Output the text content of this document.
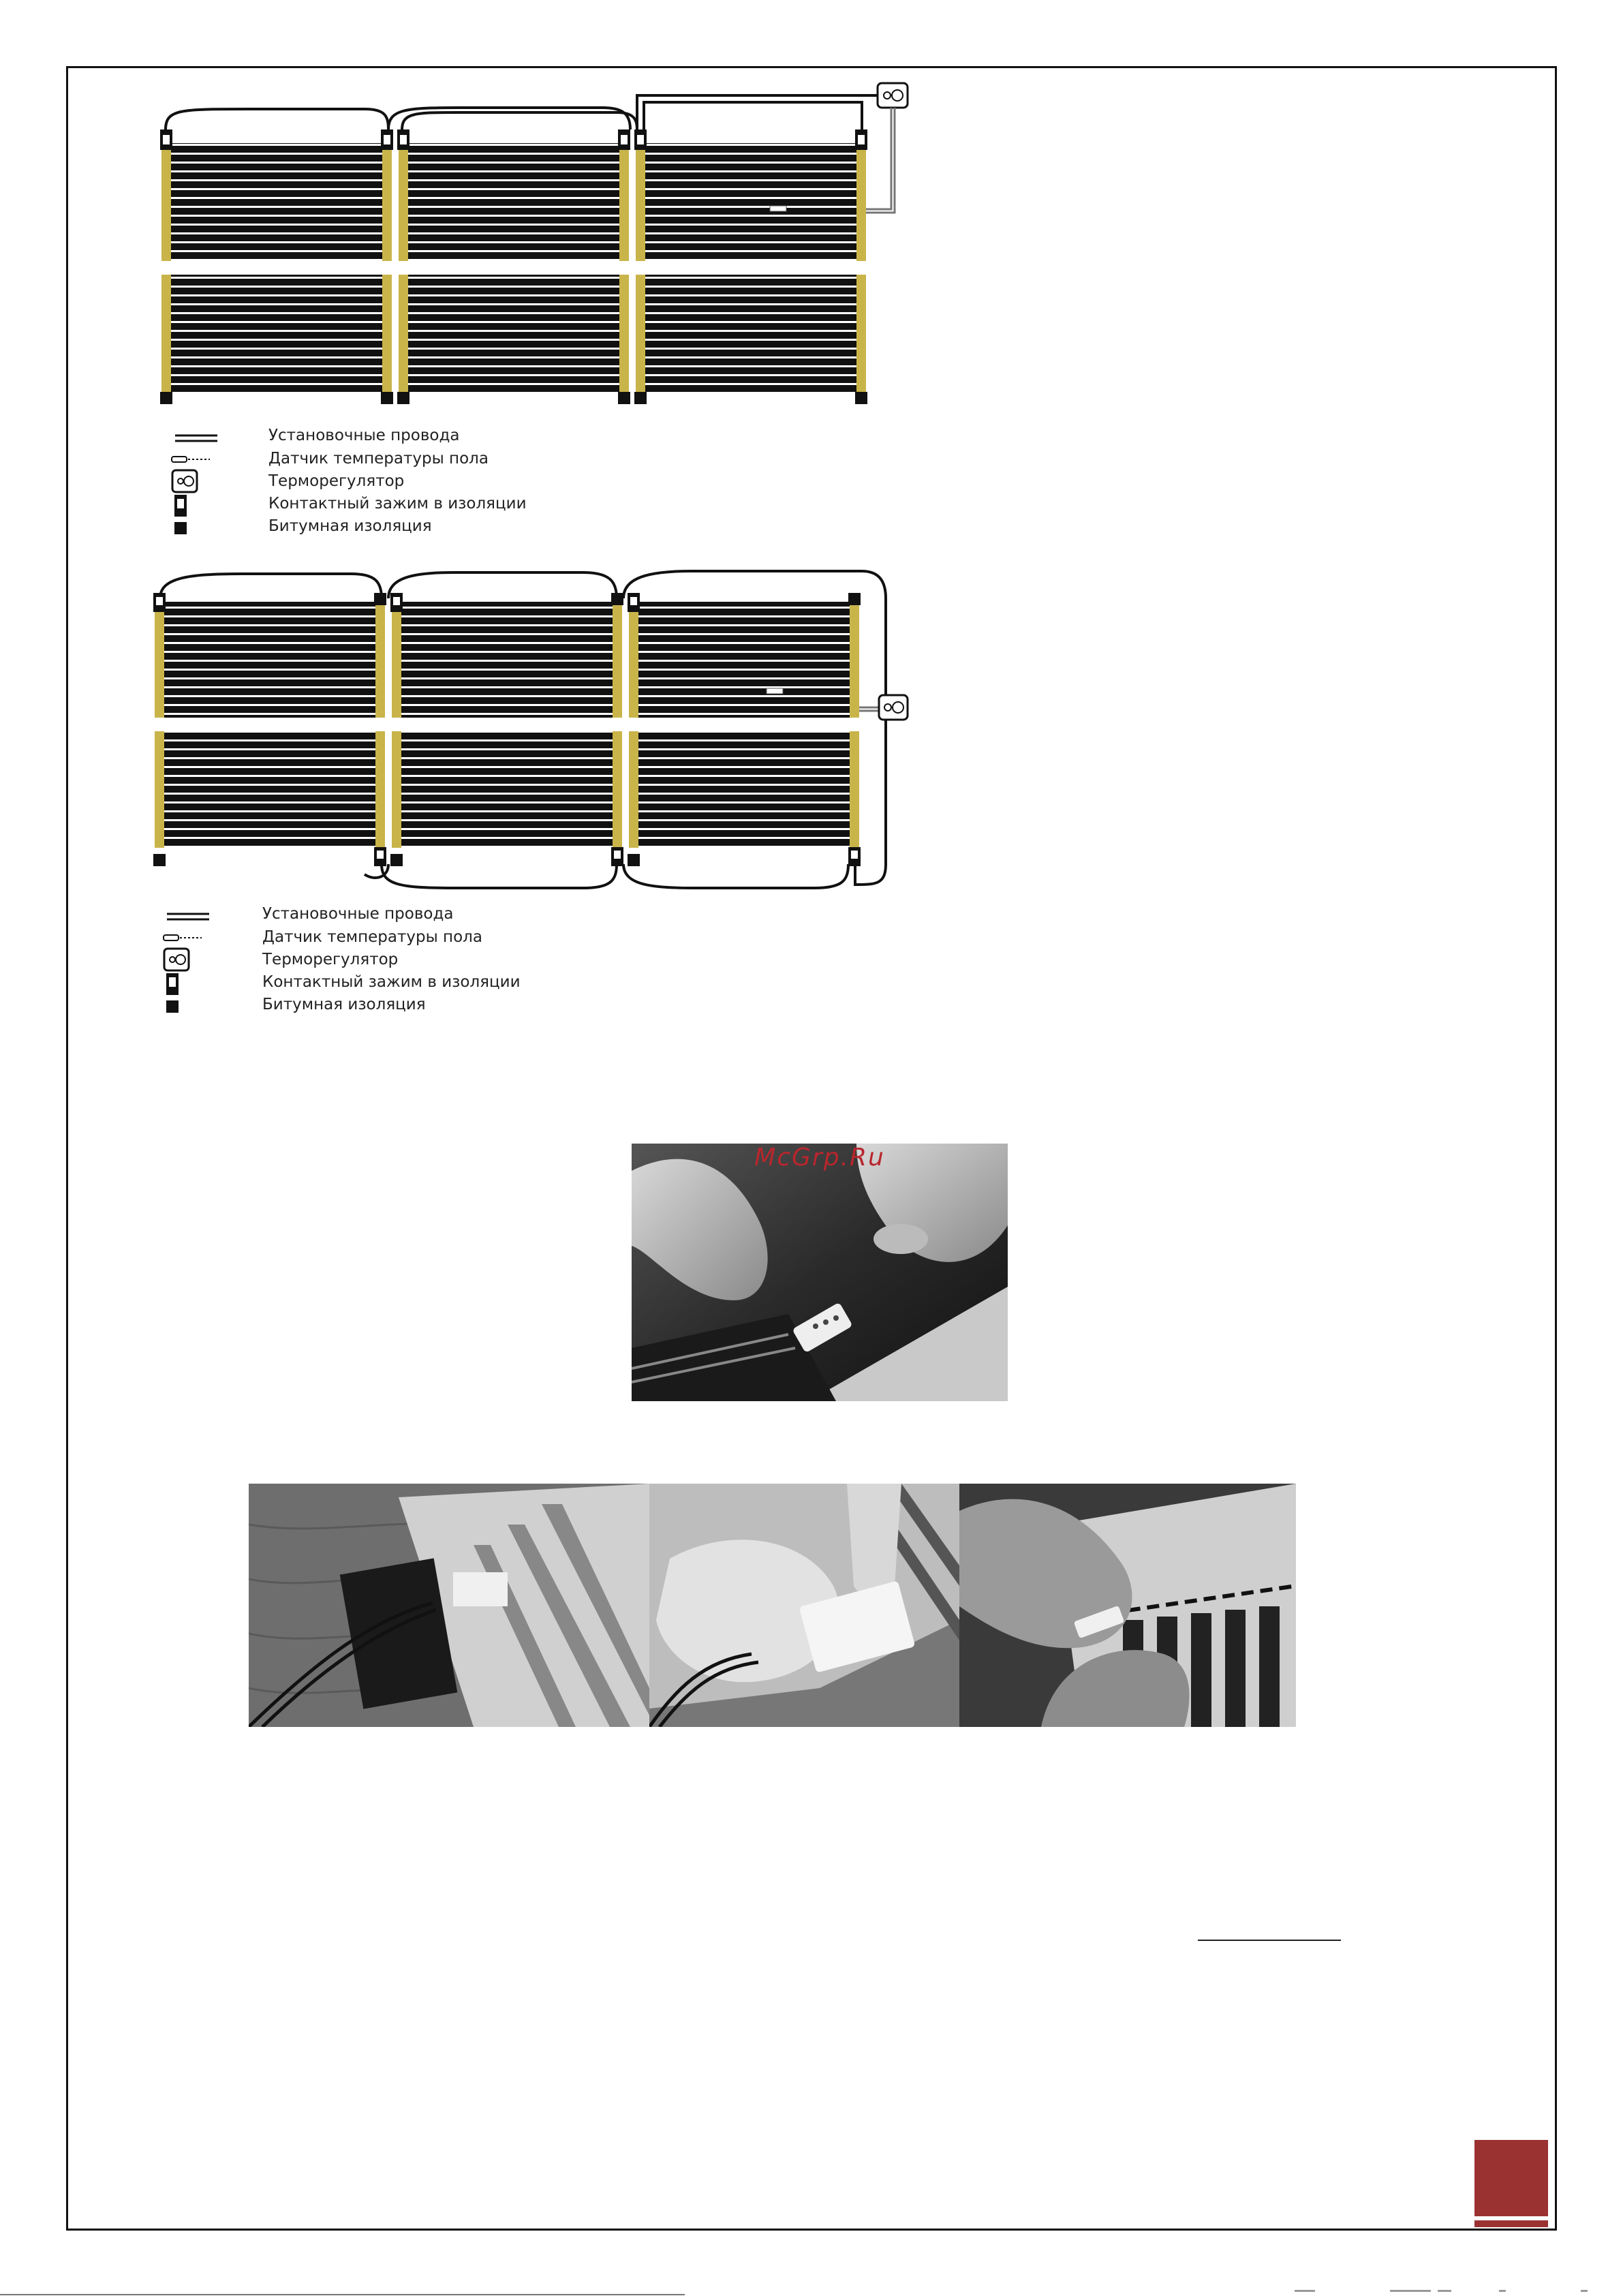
Установочные провода
Датчик температуры пола
Терморегулятор
Контактный зажим в изоляции
Битумная изоляция
Установочные провода
Датчик температуры пола
Терморегулятор
Контактный зажим в изоляции
Битумная изоляция
McGrp.Ru
